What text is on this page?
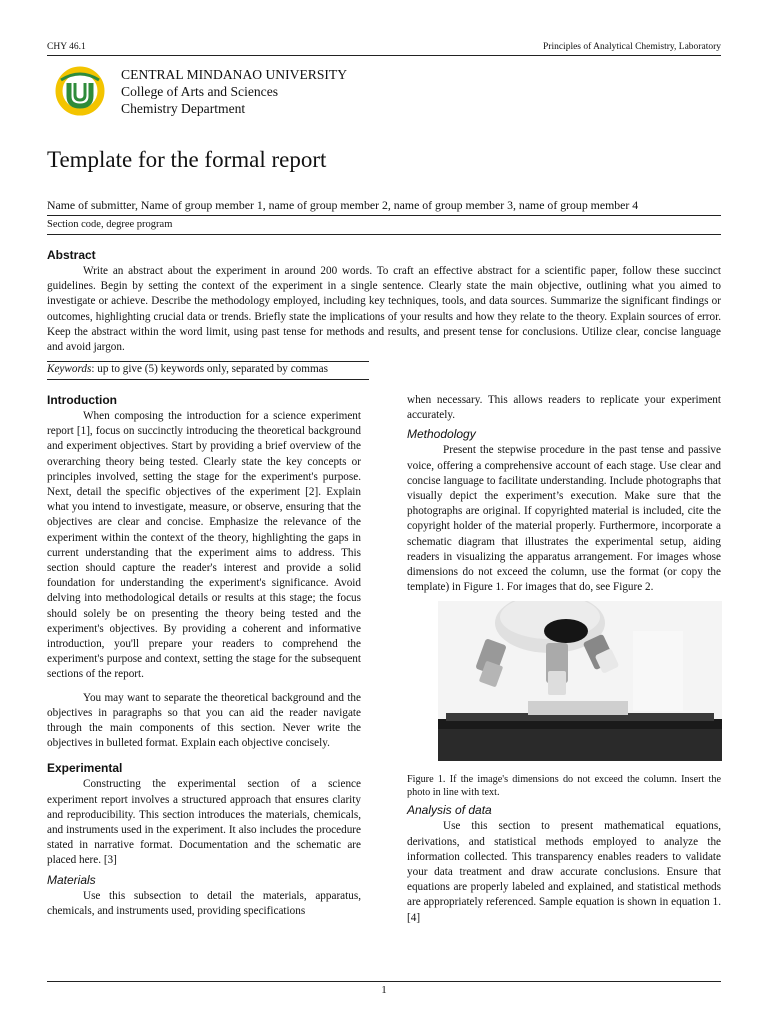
CHY 46.1	Principles of Analytical Chemistry, Laboratory
CENTRAL MINDANAO UNIVERSITY
College of Arts and Sciences
Chemistry Department
Template for the formal report
Name of submitter, Name of group member 1, name of group member 2, name of group member 3, name of group member 4
Section code, degree program
Abstract

Write an abstract about the experiment in around 200 words. To craft an effective abstract for a scientific paper, follow these succinct guidelines. Begin by setting the context of the experiment in a single sentence. Clearly state the main objective, outlining what you aimed to investigate or achieve. Describe the methodology employed, including key techniques, tools, and data sources. Summarize the significant findings or outcomes, highlighting crucial data or trends. Briefly state the implications of your results and how they relate to the theory. Explain sources of error. Keep the abstract within the word limit, using past tense for methods and results, and present tense for conclusions. Utilize clear, concise language and avoid jargon.

Keywords: up to give (5) keywords only, separated by commas
Introduction

When composing the introduction for a science experiment report [1], focus on succinctly introducing the theoretical background and experiment objectives. Start by providing a brief overview of the overarching theory being tested. Clearly state the key concepts or principles involved, setting the stage for the experiment's purpose. Next, detail the specific objectives of the experiment [2]. Explain what you intend to investigate, measure, or observe, ensuring that the objectives are clear and concise. Emphasize the relevance of the experiment within the context of the theory, highlighting the gaps in current understanding that the experiment aims to address. This section should capture the reader's interest and provide a solid foundation for understanding the experiment's significance. Avoid delving into methodological details or results at this stage; the focus should solely be on presenting the theory being tested and the experiment's objectives. By providing a coherent and informative introduction, you'll prepare your readers to comprehend the experiment's purpose and context, setting the stage for the subsequent sections of the report.

You may want to separate the theoretical background and the objectives in paragraphs so that you can aid the reader navigate through the main components of this section. Never write the objectives in bulleted format. Explain each objective concisely.

Experimental

Constructing the experimental section of a science experiment report involves a structured approach that ensures clarity and reproducibility. This section introduces the materials, chemicals, and instruments used in the experiment. It also includes the procedure stated in narrative format. Documentation and the schematic are placed here. [3]

Materials

Use this subsection to detail the materials, apparatus, chemicals, and instruments used, providing specifications

when necessary. This allows readers to replicate your experiment accurately.

Methodology

Present the stepwise procedure in the past tense and passive voice, offering a comprehensive account of each stage. Use clear and concise language to facilitate understanding. Include photographs that visually depict the experiment’s execution. Make sure that the photographs are original. If copyrighted material is included, cite the copyright holder of the material properly. Furthermore, incorporate a schematic diagram that illustrates the experimental setup, aiding readers in visualizing the apparatus arrangement. For images whose dimensions do not exceed the column, use the format (or copy the template) in Figure 1. For images that do, see Figure 2.

Figure 1. If the image's dimensions do not exceed the column. Insert the photo in line with text.

Analysis of data

Use this section to present mathematical equations, derivations, and statistical methods employed to analyze the information collected. This transparency enables readers to validate your data treatment and draw accurate conclusions. Ensure that equations are properly labeled and explained, and statistical methods are appropriately referenced. Sample equation is shown in equation 1. [4]

1
